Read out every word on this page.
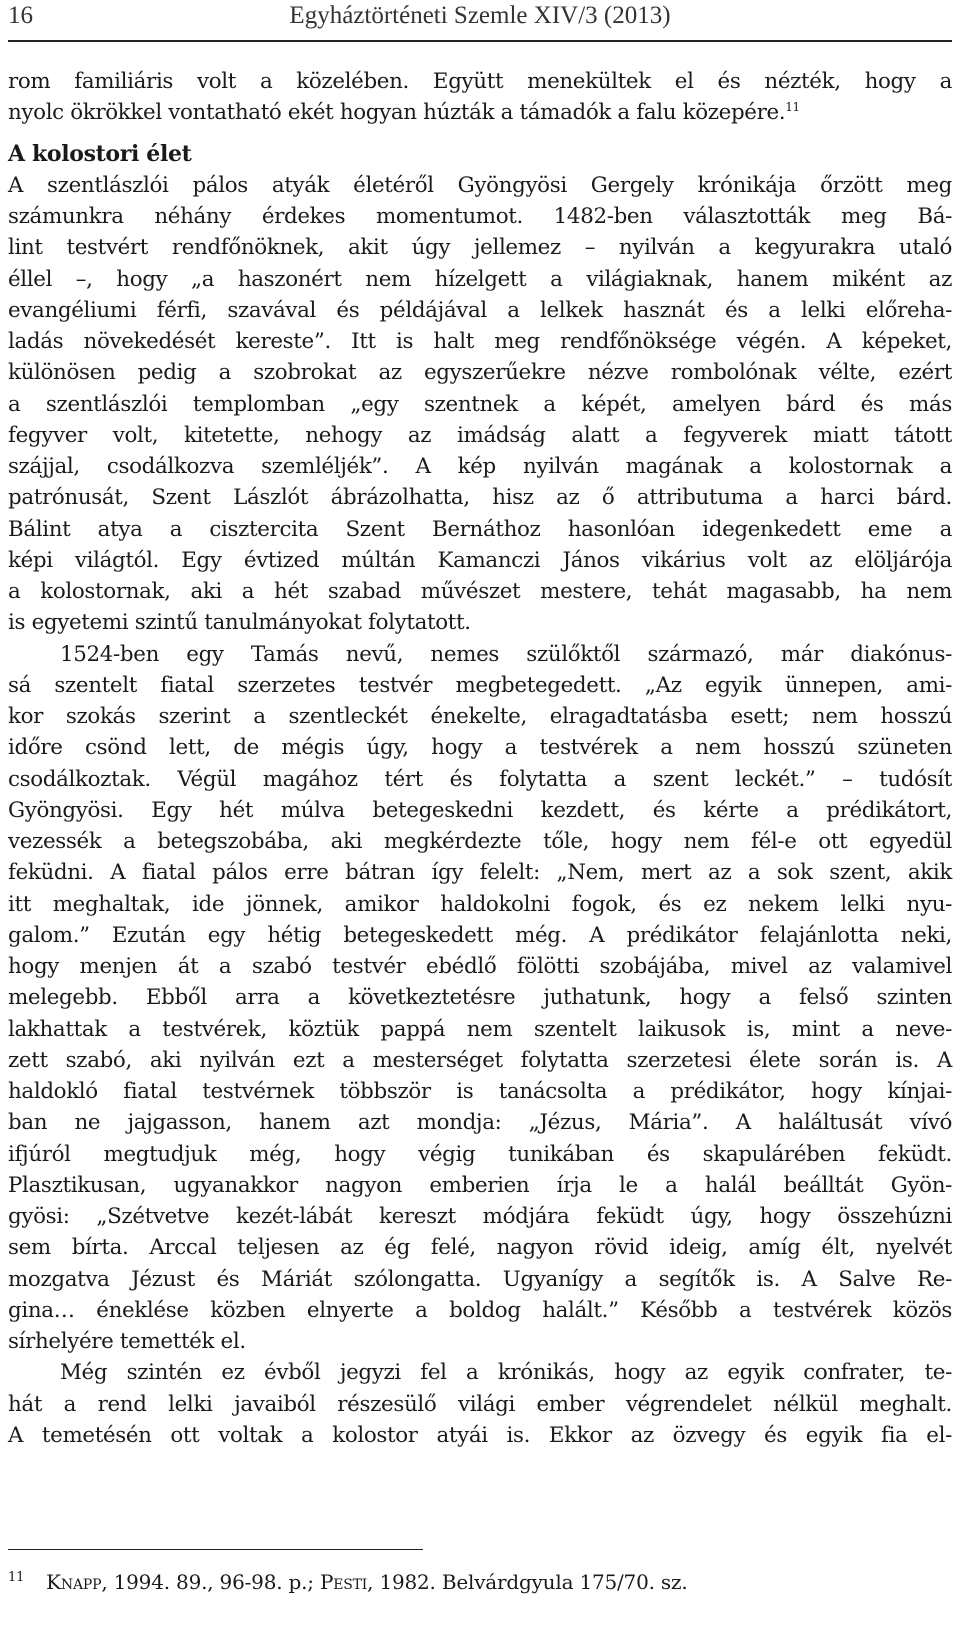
16	Egyháztörténeti Szemle XIV/3 (2013)
rom familiáris volt a közelében. Együtt menekültek el és nézték, hogy a
nyolc ökrökkel vontatható ekét hogyan húzták a támadók a falu közepére.$^{11}$
A kolostori élet
A szentlászlói pálos atyák életéről Gyöngyösi Gergely krónikája őrzött meg
számunkra néhány érdekes momentumot. 1482-ben választották meg Bá-
lint testvért rendfőnöknek, akit úgy jellemez – nyilván a kegyurakra utaló
éllel –, hogy „a haszonért nem hízelgett a világiaknak, hanem miként az
evangéliumi férfi, szavával és példájával a lelkek hasznát és a lelki előreha-
ladás növekedését kereste”. Itt is halt meg rendfőnöksége végén. A képeket,
különösen pedig a szobrokat az egyszerűekre nézve rombolónak vélte, ezért
a szentlászlói templomban „egy szentnek a képét, amelyen bárd és más
fegyver volt, kitetette, nehogy az imádság alatt a fegyverek miatt tátott
szájjal, csodálkozva szemléljék”. A kép nyilván magának a kolostornak a
patrónusát, Szent Lászlót ábrázolhatta, hisz az ő attributuma a harci bárd.
Bálint atya a cisztercita Szent Bernáthoz hasonlóan idegenkedett eme a
képi világtól. Egy évtized múltán Kamanczi János vikárius volt az elöljárója
a kolostornak, aki a hét szabad művészet mestere, tehát magasabb, ha nem
is egyetemi szintű tanulmányokat folytatott.
1524-ben egy Tamás nevű, nemes szülőktől származó, már diakónus-
sá szentelt fiatal szerzetes testvér megbetegedett. „Az egyik ünnepen, ami-
kor szokás szerint a szentleckét énekelte, elragadtatásba esett; nem hosszú
időre csönd lett, de mégis úgy, hogy a testvérek a nem hosszú szüneten
csodálkoztak. Végül magához tért és folytatta a szent leckét.” – tudósít
Gyöngyösi. Egy hét múlva betegeskedni kezdett, és kérte a prédikátort,
vezessék a betegszobába, aki megkérdezte tőle, hogy nem fél-e ott egyedül
feküdni. A fiatal pálos erre bátran így felelt: „Nem, mert az a sok szent, akik
itt meghaltak, ide jönnek, amikor haldokolni fogok, és ez nekem lelki nyu-
galom.” Ezután egy hétig betegeskedett még. A prédikátor felajánlotta neki,
hogy menjen át a szabó testvér ebédlő fölötti szobájába, mivel az valamivel
melegebb. Ebből arra a következtetésre juthatunk, hogy a felső szinten
lakhattak a testvérek, köztük pappá nem szentelt laikusok is, mint a neve-
zett szabó, aki nyilván ezt a mesterséget folytatta szerzetesi élete során is. A
haldokló fiatal testvérnek többször is tanácsolta a prédikátor, hogy kínjai-
ban ne jajgasson, hanem azt mondja: „Jézus, Mária”. A haláltusát vívó
ifjúról megtudjuk még, hogy végig tunikában és skapulárében feküdt.
Plasztikusan, ugyanakkor nagyon emberien írja le a halál beálltát Gyön-
gyösi: „Szétvetve kezét-lábát kereszt módjára feküdt úgy, hogy összehúzni
sem bírta. Arccal teljesen az ég felé, nagyon rövid ideig, amíg élt, nyelvét
mozgatva Jézust és Máriát szólongatta. Ugyanígy a segítők is. A Salve Re-
gina… éneklése közben elnyerte a boldog halált.” Később a testvérek közös
sírhelyére temették el.
Még szintén ez évből jegyzi fel a krónikás, hogy az egyik confrater, te-
hát a rend lelki javaiból részesülő világi ember végrendelet nélkül meghalt.
A temetésén ott voltak a kolostor atyái is. Ekkor az özvegy és egyik fia el-
$^{11}$ Knapp, 1994. 89., 96-98. p.; Pesti, 1982. Belvárdgyula 175/70. sz.
